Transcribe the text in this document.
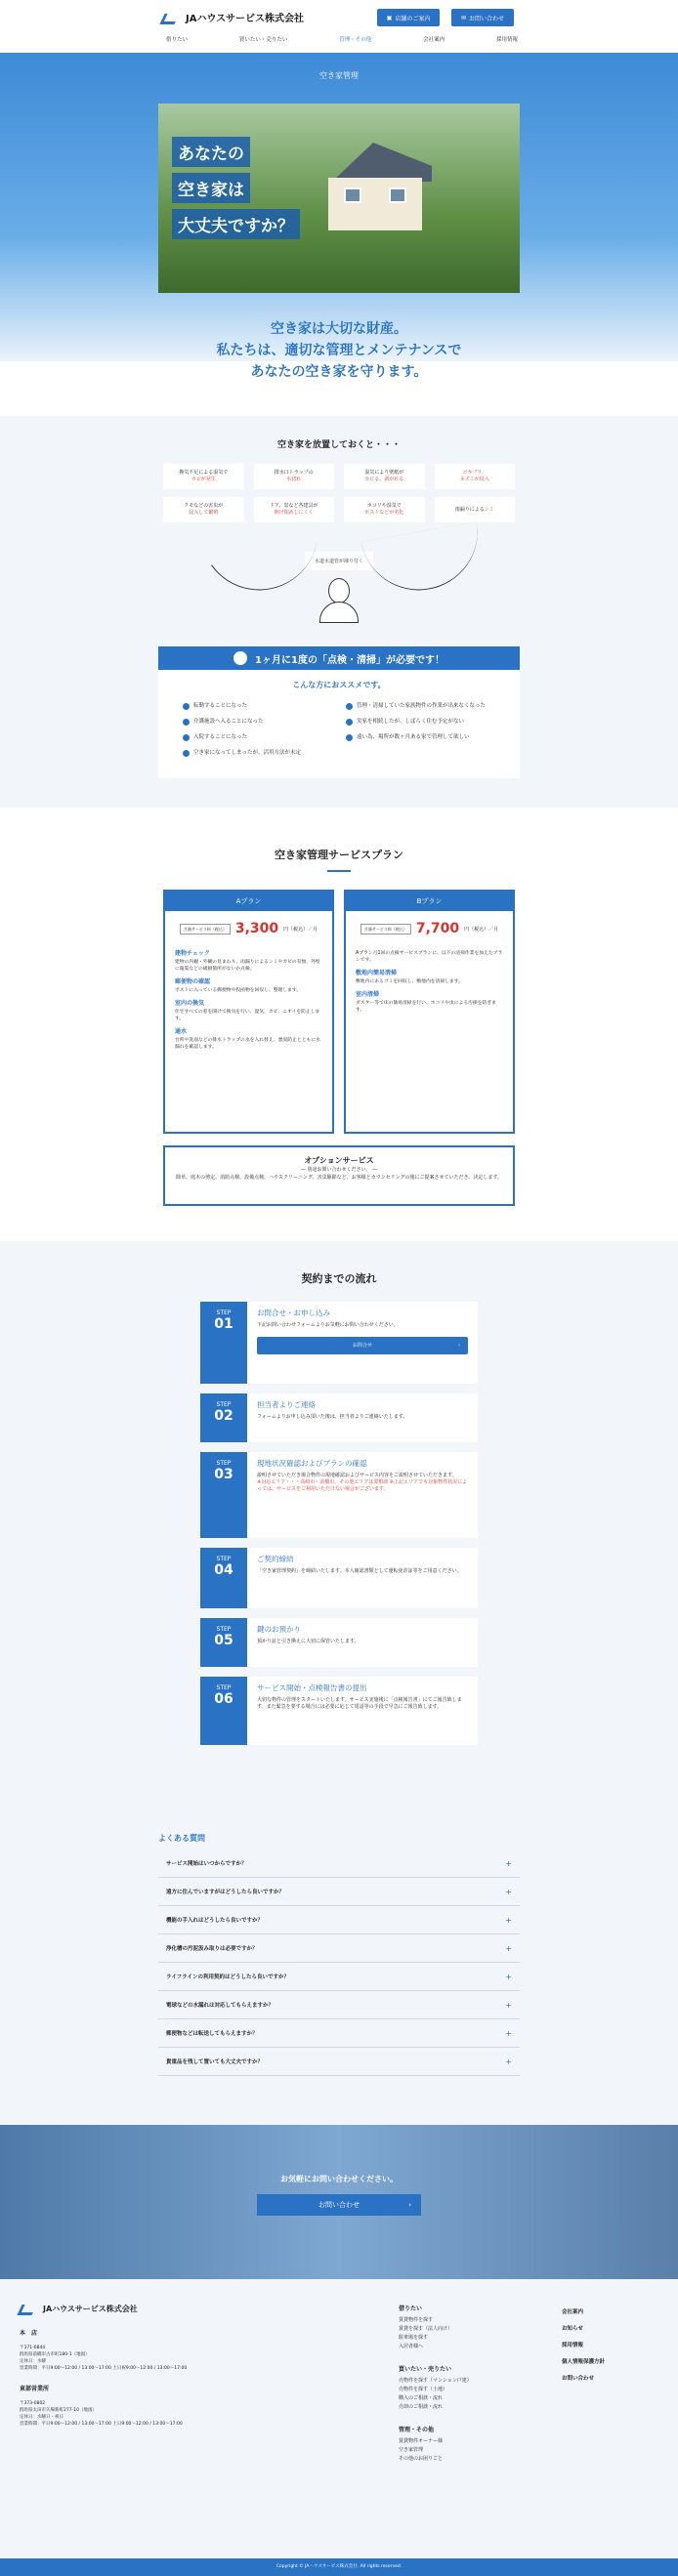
JAハウスサービス株式会社	▣ 店舗のご案内	✉ お問い合わせ
借りたい	買いたい・売りたい	管理・その他	会社案内	採用情報
空き家管理
あなたの
空き家は
大丈夫ですか？
空き家は大切な財産。
私たちは、適切な管理とメンテナンスで
あなたの空き家を守ります。
空き家を放置しておくと・・・
換気不足による湿気で
カビが発生
排水口トラップの
水切れ
湿気により壁紙が
カビる、剥がれる
ゴキブリ、
ネズミが侵入
クモなどの害虫が
侵入して繁殖
ドア、窓など各建具が
開け閉めしにくく
ホコリや湿気で
ポストなどが劣化
雨漏りによるシミ
水道水道管が凍り付く
1ヶ月に1度の「点検・清掃」が必要です！
こんな方におススメです。
転勤することになった	管理・清掃していた家族物件の作業が出来なくなった
介護施設へ入ることになった	実家を相続したが、しばらく住む予定がない
入院することになった	遠い為、場所が数ヶ月ある家で管理して欲しい
空き家になってしまったが、活用方法が未定
空き家管理サービスプラン
Aプラン
月額サービス料（税込） 3,300 円（税込）／月
建物チェック

建物の内観・外観の見まわり、雨漏りによるシミやカビの有無、外壁に亀裂などの破損箇所がないか点検。

郵便物の確認

ポストに入っている郵便物や投函物を回収し、整理します。

室内の換気

住宅すべての窓を開けて換気を行い、湿気、カビ、ニオイを防止します。

通水

台所や洗面などの排水トラップの水を入れ替え、悪臭防止とともに水漏れを確認します。

Bプラン
月額サービス料（税込） 7,700 円（税込）／月

Aプラン月1回の点検サービスプランに、以下の清掃作業を加えたプランです。

敷地内簡易清掃

敷地内にあるゴミを回収し、敷地内を清掃します。

室内清掃

ダスター等で床の簡易清掃を行い、ホコリや虫による汚損を防ぎます。

オプションサービス

― 別途お問い合わせください。 ―

除草、庭木の剪定、消防点検、設備点検、ハウスクリーニング、害虫駆除など、お客様とカウンセリングの後にご提案させていただき、決定します。

契約までの流れ
STEP
01
お問合せ・お申し込み

下記お問い合わせフォームよりお気軽にお問い合わせください。

お問合せ	›
STEP
02
担当者よりご連絡

フォームよりお申し込み頂いた後は、担当者よりご連絡いたします。

STEP
03
現地状況確認およびプランの確認

説明させていただき場合物件の現地確認およびサービス内容をご説明させていただきます。

※対応エリア・・・高崎市・前橋市、その他エリアは要相談 ※上記エリアでも対象物件状況によっては、サービスをご利用いただけない場合がございます。

STEP
04
ご契約締結

「空き家管理契約」を締結いたします。本人確認書類として運転免許証等をご用意ください。

STEP
05
鍵のお預かり

預かり証と引き換えに大切に保管いたします。

STEP
06
サービス開始・点検報告書の提出

大切な物件の管理をスタートいたします。サービス実施後に「点検報告書」にてご報告致します。また緊急を要する場合には必要に応じて電話等の手段で早急にご報告致します。

よくある質問
サービス開始はいつからですか？	+
遠方に住んでいますがはどうしたら良いですか？	+
機能の手入れはどうしたら良いですか？	+
浄化槽の汚泥汲み取りは必要ですか？	+
ライフラインの利用契約はどうしたら良いですか？	+
電球などの水漏れは対応してもらえますか？	+
郵便物などは転送してもらえますか？	+
貴重品を残して置いても大丈夫ですか？	+
お気軽にお問い合わせください。
お問い合わせ ›
JAハウスサービス株式会社
本　店

〒371-0844

群馬県前橋市古市町180-1（地図）

定休日：水曜

営業時間：平日9:00～12:00 / 13:00～17:00 土日祝9:00～12:00 / 13:00～17:00

東部営業所

〒373-0802

群馬県太田市矢場新町277-10（地図）

定休日：水曜日・祝日

営業時間：平日9:00～12:00 / 13:00～17:00 土日9:00～12:00 / 13:00～17:00

借りたい
賃貸物件を探す
賃貸を探す（法人向け）
駐車場を探す
入居者様へ
買いたい・売りたい
売物件を探す（マンション戸建）
売物件を探す（土地）
購入のご相談・流れ
売却のご相談・流れ
管理・その他
賃貸物件オーナー様
空き家管理
その他のお困りごと
会社案内
お知らせ
採用情報
個人情報保護方針
お問い合わせ
Copyright © JAハウスサービス株式会社. All rights reserved.
